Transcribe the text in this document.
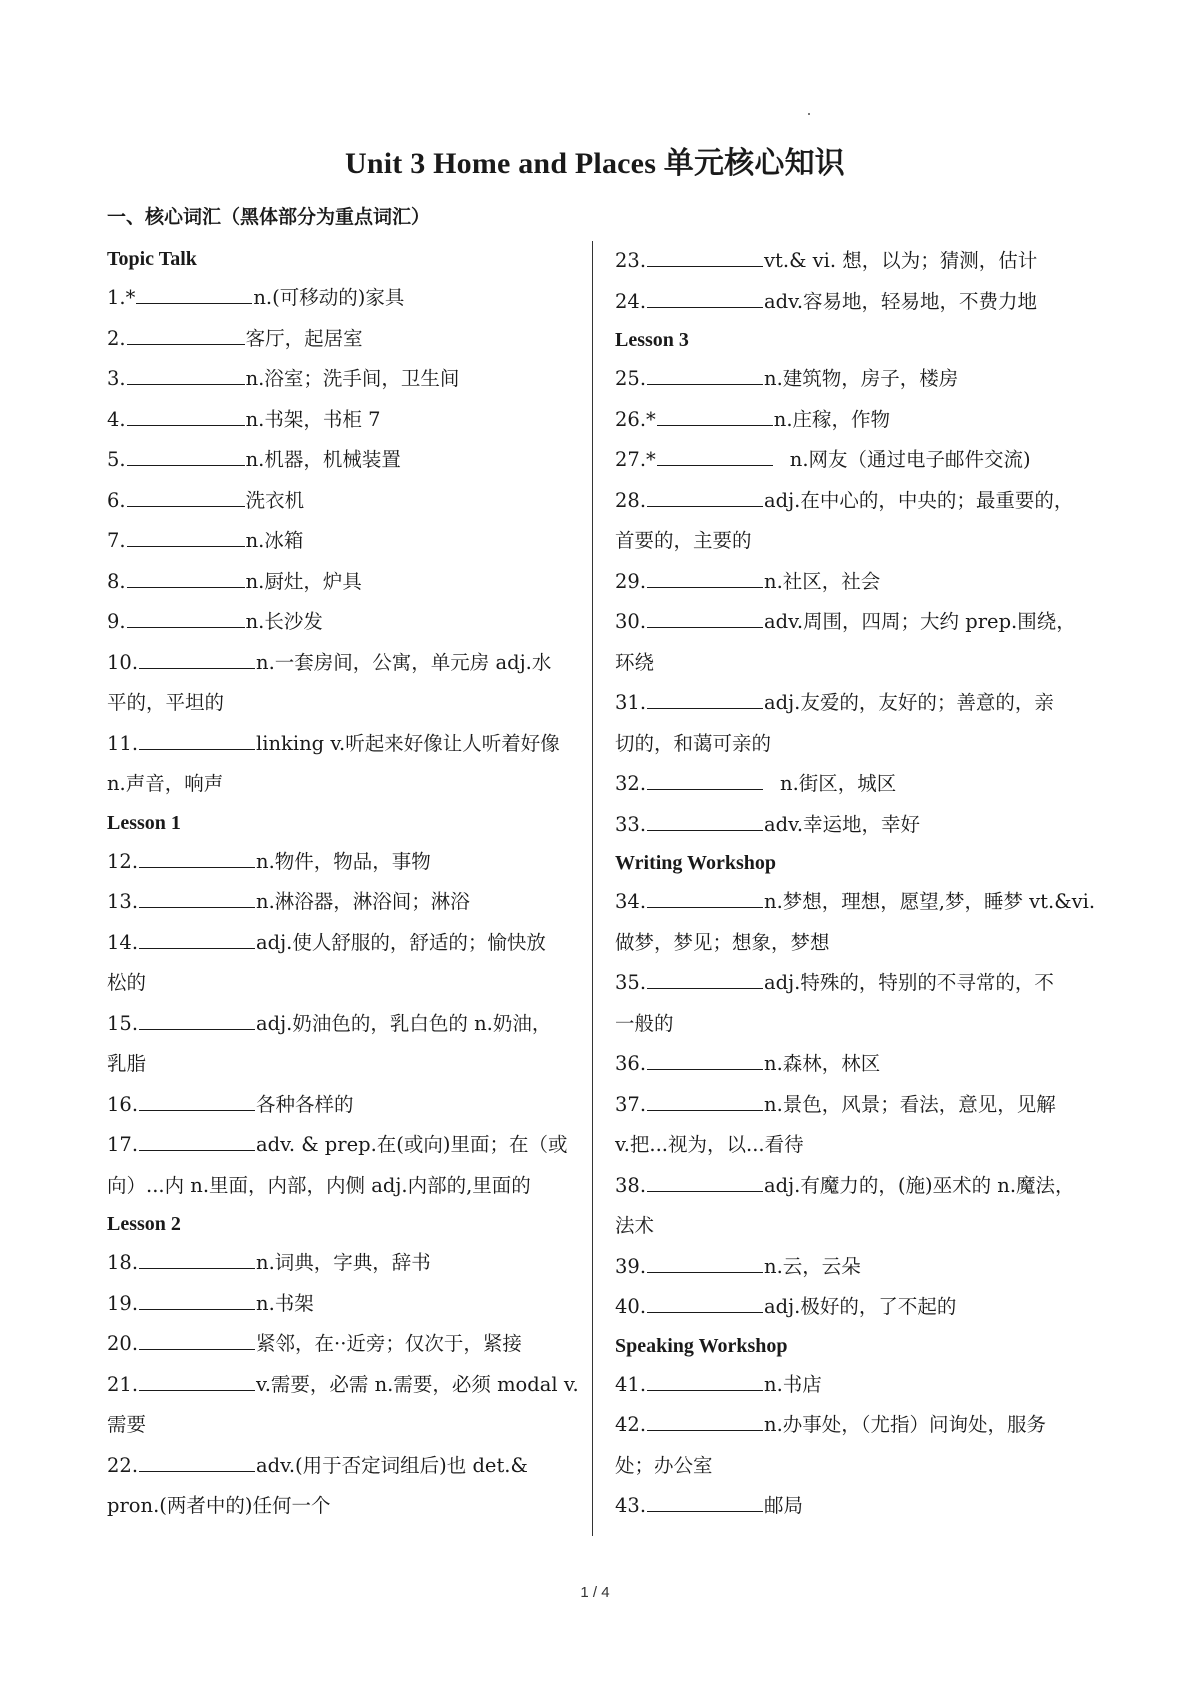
Unit 3 Home and Places 单元核心知识
一、核心词汇（黑体部分为重点词汇）
Topic Talk
1.*	n.(可移动的)家具
2.	客厅，起居室
3.	n.浴室；洗手间，卫生间
4.	n.书架，书柜 7
5.	n.机器，机械装置
6.	洗衣机
7.	n.冰箱
8.	n.厨灶，炉具
9.	n.长沙发
10.	n.一套房间，公寓，单元房 adj.水
平的，平坦的
11.	linking v.听起来好像让人听着好像
n.声音，响声
Lesson 1
12.	n.物件，物品，事物
13.	n.淋浴器，淋浴间；淋浴
14.	adj.使人舒服的，舒适的；愉快放
松的
15.	adj.奶油色的，乳白色的 n.奶油，
乳脂
16.	各种各样的
17.	adv. & prep.在(或向)里面；在（或
向）...内 n.里面，内部，内侧 adj.内部的,里面的
Lesson 2
18.	n.词典，字典，辞书
19.	n.书架
20.	紧邻，在··近旁；仅次于，紧接
21.	v.需要，必需 n.需要，必须 modal v.
需要
22.	adv.(用于否定词组后)也 det.&
pron.(两者中的)任何一个
23.	vt.& vi. 想，以为；猜测，估计
24.	adv.容易地，轻易地，不费力地
Lesson 3
25.	n.建筑物，房子，楼房
26.*	n.庄稼，作物
27.*	n.网友（通过电子邮件交流)
28.	adj.在中心的，中央的；最重要的，
首要的，主要的
29.	n.社区，社会
30.	adv.周围，四周；大约 prep.围绕，
环绕
31.	adj.友爱的，友好的；善意的，亲
切的，和蔼可亲的
32.	n.街区，城区
33.	adv.幸运地，幸好
Writing Workshop
34.	n.梦想，理想，愿望,梦，睡梦 vt.&vi.
做梦，梦见；想象，梦想
35.	adj.特殊的，特别的不寻常的，不
一般的
36.	n.森林，林区
37.	n.景色，风景；看法，意见，见解
v.把...视为，以...看待
38.	adj.有魔力的，(施)巫术的 n.魔法，
法术
39.	n.云，云朵
40.	adj.极好的，了不起的
Speaking Workshop
41.	n.书店
42.	n.办事处，（尤指）问询处，服务
处；办公室
43.	邮局
1 / 4
